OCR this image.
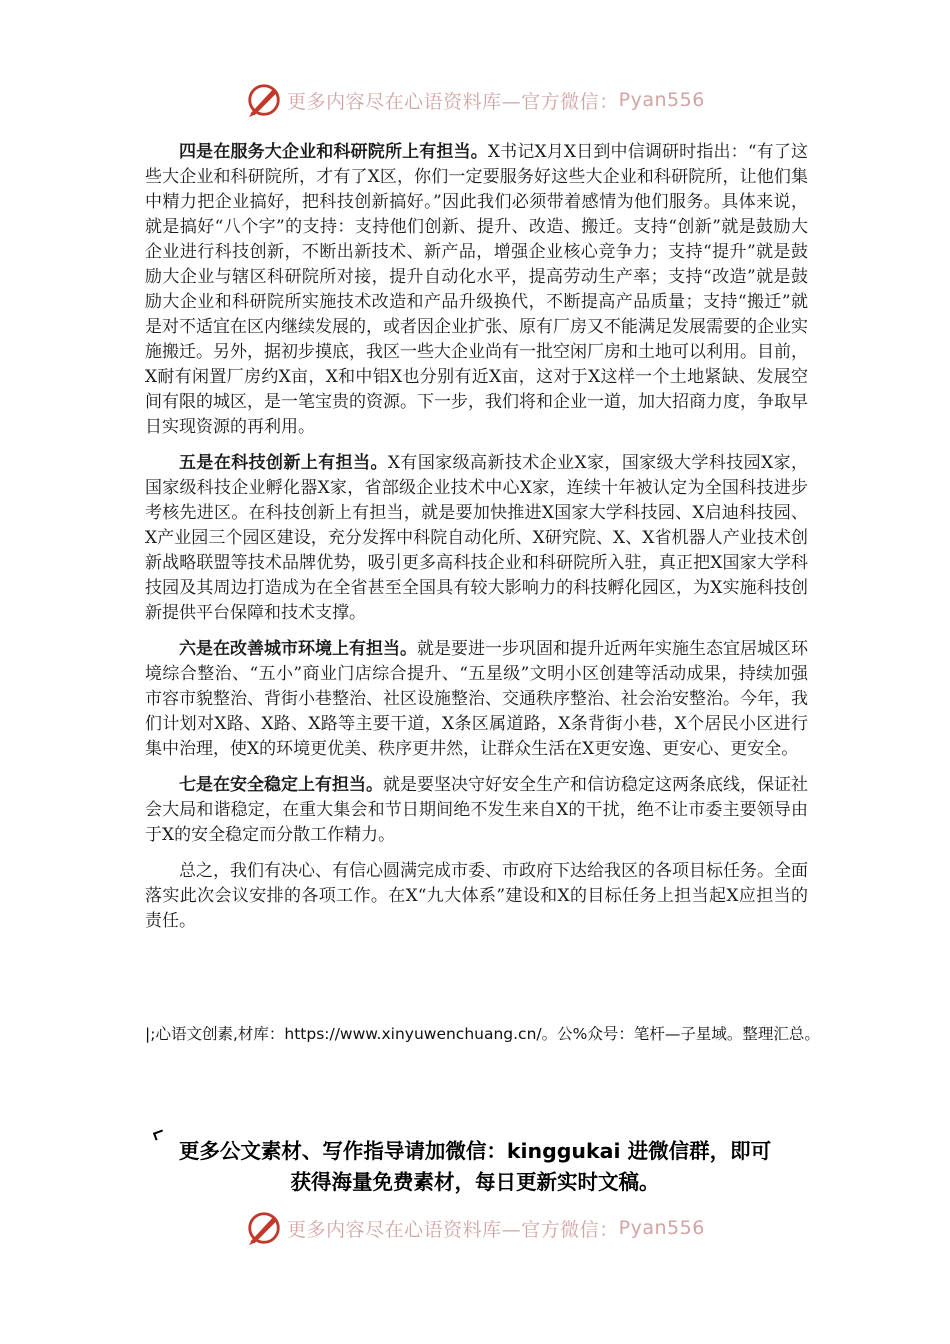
更多内容尽在心语资料库—官方微信： Pyan556

四是在服务大企业和科研院所上有担当。X书记X月X日到中信调研时指出：“有了这些大企业和科研院所，才有了X区，你们一定要服务好这些大企业和科研院所，让他们集中精力把企业搞好，把科技创新搞好。”因此我们必须带着感情为他们服务。具体来说，就是搞好“八个字”的支持：支持他们创新、提升、改造、搬迁。支持“创新”就是鼓励大企业进行科技创新，不断出新技术、新产品，增强企业核心竞争力；支持“提升”就是鼓励大企业与辖区科研院所对接，提升自动化水平，提高劳动生产率；支持“改造”就是鼓励大企业和科研院所实施技术改造和产品升级换代，不断提高产品质量；支持“搬迁”就是对不适宜在区内继续发展的，或者因企业扩张、原有厂房又不能满足发展需要的企业实施搬迁。另外，据初步摸底，我区一些大企业尚有一批空闲厂房和土地可以利用。目前，X耐有闲置厂房约X亩，X和中铝X也分别有近X亩，这对于X这样一个土地紧缺、发展空间有限的城区，是一笔宝贵的资源。下一步，我们将和企业一道，加大招商力度，争取早日实现资源的再利用。

五是在科技创新上有担当。X有国家级高新技术企业X家，国家级大学科技园X家，国家级科技企业孵化器X家，省部级企业技术中心X家，连续十年被认定为全国科技进步考核先进区。在科技创新上有担当，就是要加快推进X国家大学科技园、X启迪科技园、X产业园三个园区建设，充分发挥中科院自动化所、X研究院、X、X省机器人产业技术创新战略联盟等技术品牌优势，吸引更多高科技企业和科研院所入驻，真正把X国家大学科技园及其周边打造成为在全省甚至全国具有较大影响力的科技孵化园区，为X实施科技创新提供平台保障和技术支撑。

六是在改善城市环境上有担当。就是要进一步巩固和提升近两年实施生态宜居城区环境综合整治、“五小”商业门店综合提升、“五星级”文明小区创建等活动成果，持续加强市容市貌整治、背街小巷整治、社区设施整治、交通秩序整治、社会治安整治。今年，我们计划对X路、X路、X路等主要干道，X条区属道路，X条背街小巷，X个居民小区进行集中治理，使X的环境更优美、秩序更井然，让群众生活在X更安逸、更安心、更安全。

七是在安全稳定上有担当。就是要坚决守好安全生产和信访稳定这两条底线，保证社会大局和谐稳定，在重大集会和节日期间绝不发生来自X的干扰，绝不让市委主要领导由于X的安全稳定而分散工作精力。

总之，我们有决心、有信心圆满完成市委、市政府下达给我区的各项目标任务。全面落实此次会议安排的各项工作。在X“九大体系”建设和X的目标任务上担当起X应担当的责任。

|;心语文创素,材库：https://www.xinyuwenchuang.cn/。公%众号：笔杆—子星域。整理汇总。
更多公文素材、写作指导请加微信：kinggukai 进微信群，即可
获得海量免费素材，每日更新实时文稿。
更多内容尽在心语资料库—官方微信： Pyan556
